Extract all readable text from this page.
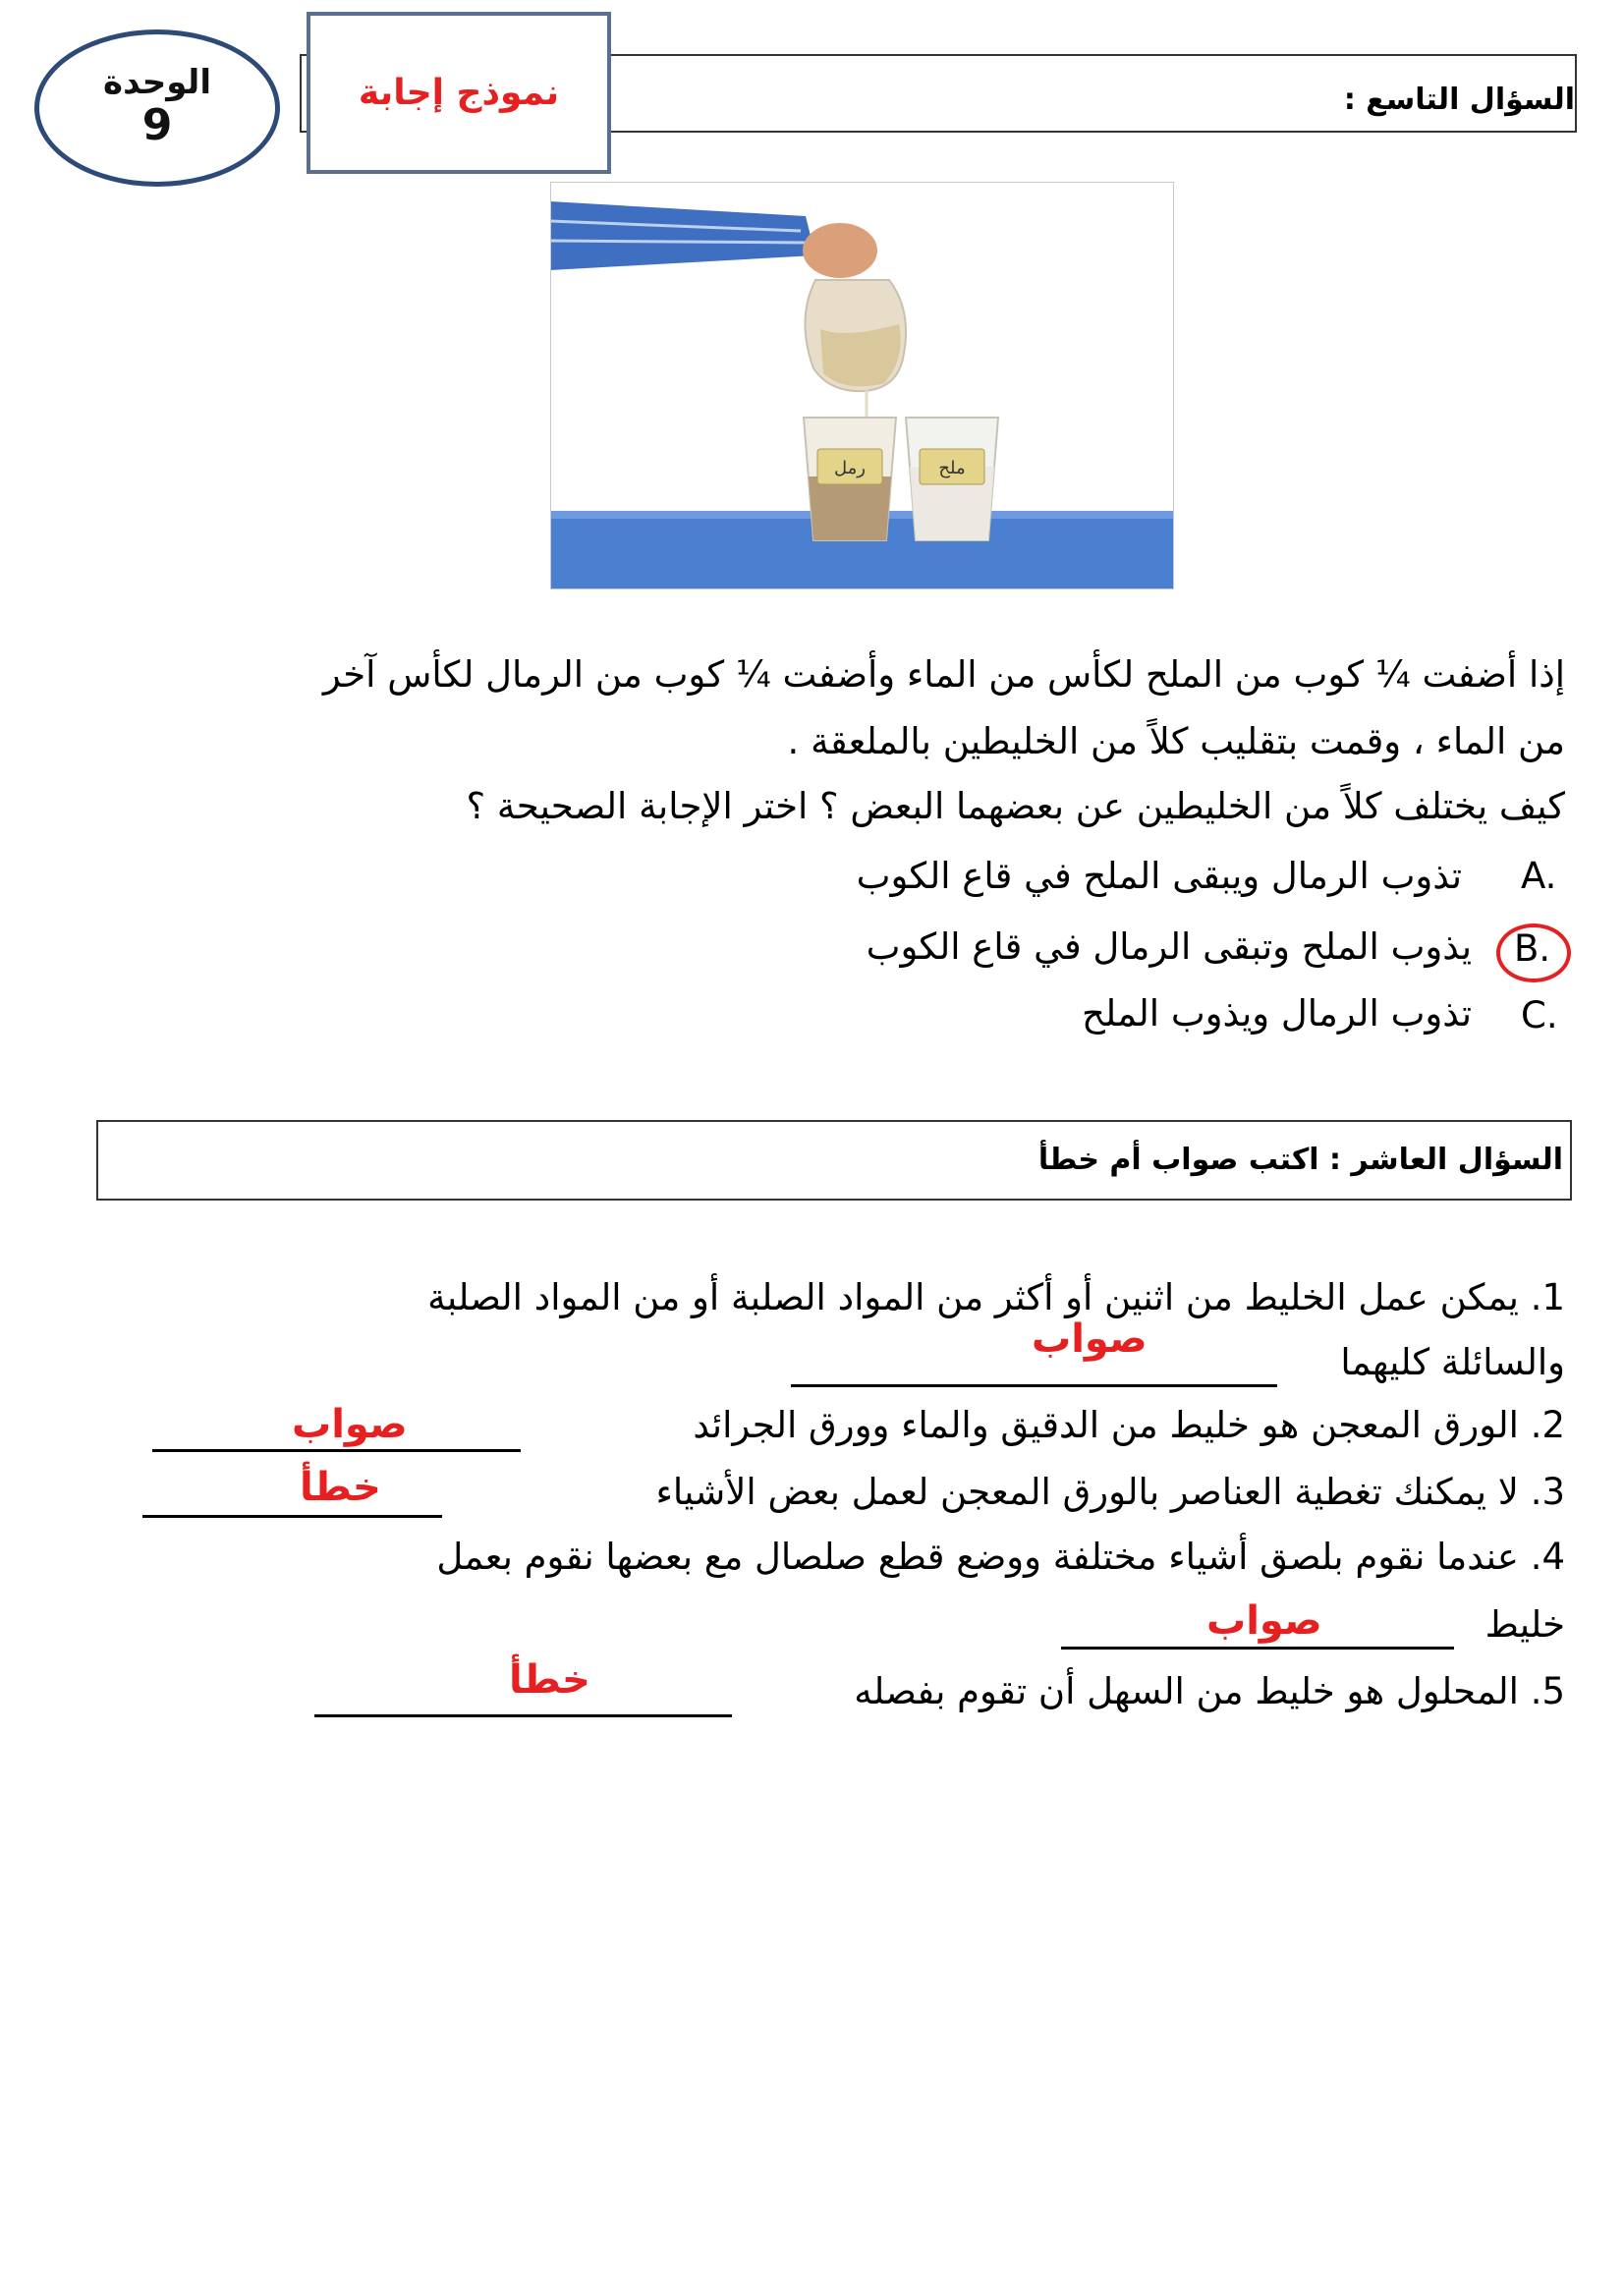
السؤال التاسع :
الوحدة
9
نموذج إجابة
رمل	ملح
إذا أضفت ¼ كوب من الملح لكأس من الماء وأضفت ¼ كوب من الرمال لكأس آخر
من الماء ، وقمت بتقليب كلاً من الخليطين بالملعقة .
كيف يختلف كلاً من الخليطين عن بعضهما البعض ؟ اختر الإجابة الصحيحة ؟
A.
تذوب الرمال ويبقى الملح في قاع الكوب
B.
يذوب الملح وتبقى الرمال في قاع الكوب
C.
تذوب الرمال ويذوب الملح
السؤال العاشر : اكتب صواب أم خطأ
1. يمكن عمل الخليط من اثنين أو أكثر من المواد الصلبة أو من المواد الصلبة
والسائلة كليهما
صواب
2. الورق المعجن هو خليط من الدقيق والماء وورق الجرائد
صواب
3. لا يمكنك تغطية العناصر بالورق المعجن لعمل بعض الأشياء
خطأ
4. عندما نقوم بلصق أشياء مختلفة ووضع قطع صلصال مع بعضها نقوم بعمل
خليط
صواب
5. المحلول هو خليط من السهل أن تقوم بفصله
خطأ
